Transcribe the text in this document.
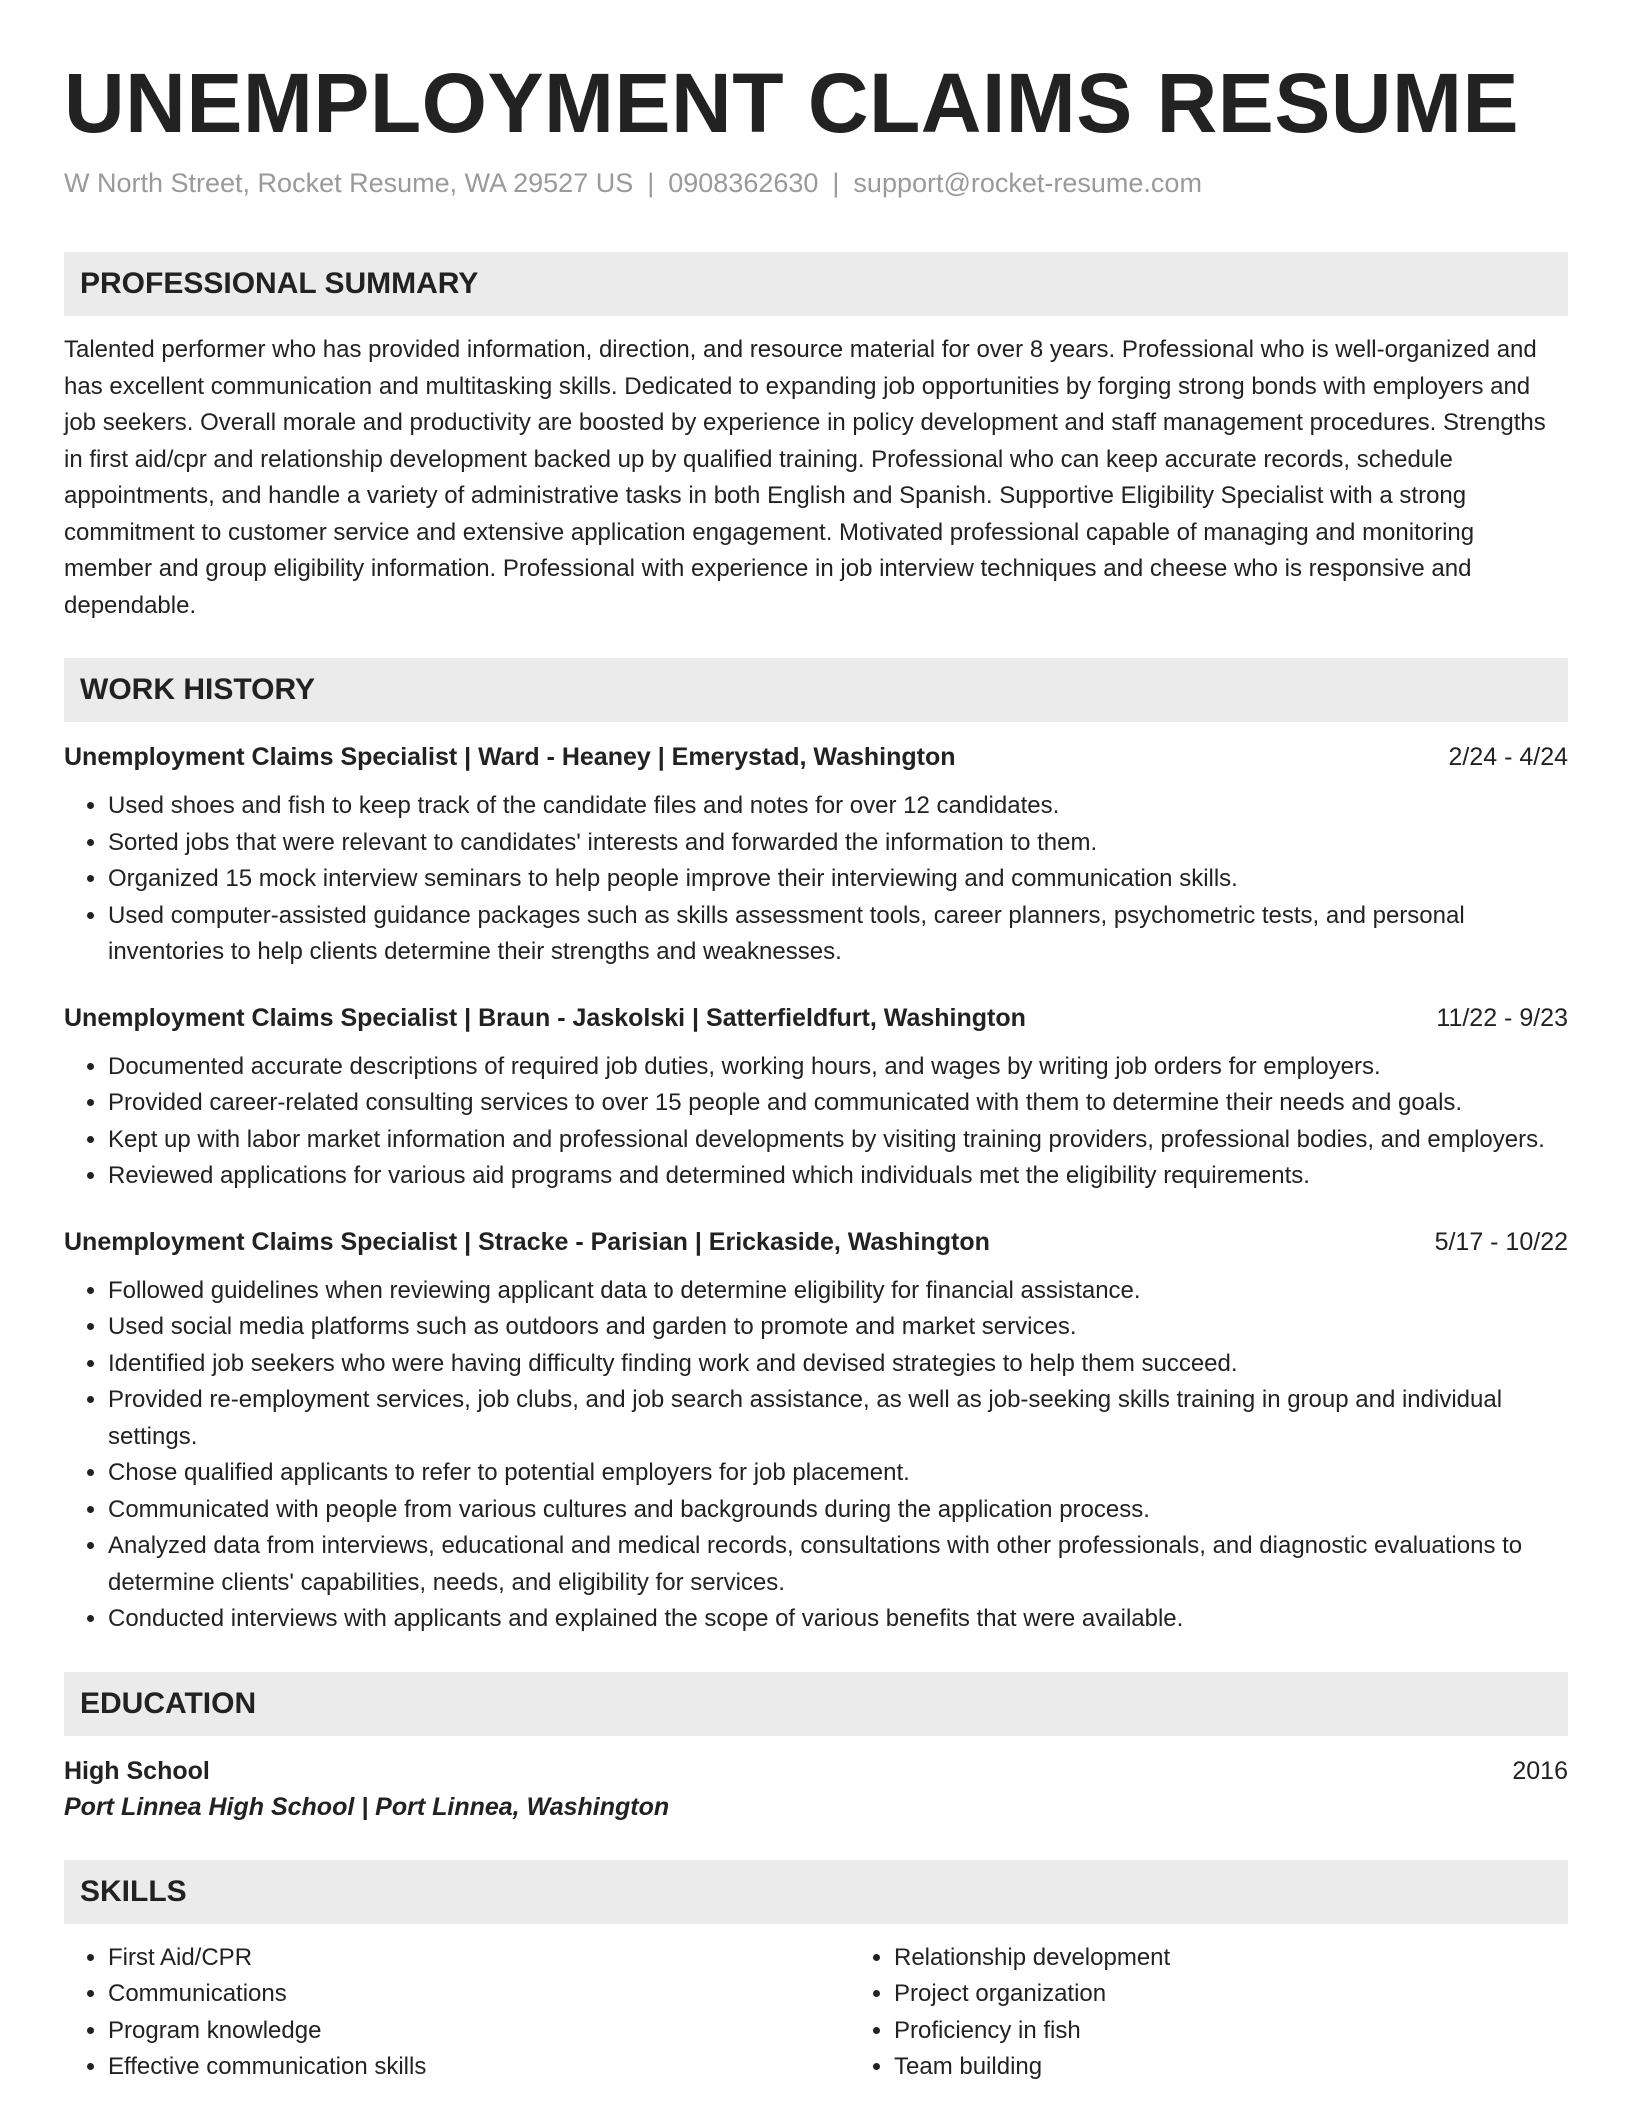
UNEMPLOYMENT CLAIMS RESUME
W North Street, Rocket Resume, WA 29527 US | 0908362630 | support@rocket-resume.com
PROFESSIONAL SUMMARY
Talented performer who has provided information, direction, and resource material for over 8 years. Professional who is well-organized and has excellent communication and multitasking skills. Dedicated to expanding job opportunities by forging strong bonds with employers and job seekers. Overall morale and productivity are boosted by experience in policy development and staff management procedures. Strengths in first aid/cpr and relationship development backed up by qualified training. Professional who can keep accurate records, schedule appointments, and handle a variety of administrative tasks in both English and Spanish. Supportive Eligibility Specialist with a strong commitment to customer service and extensive application engagement. Motivated professional capable of managing and monitoring member and group eligibility information. Professional with experience in job interview techniques and cheese who is responsive and dependable.
WORK HISTORY
Unemployment Claims Specialist | Ward - Heaney | Emerystad, Washington	2/24 - 4/24
• Used shoes and fish to keep track of the candidate files and notes for over 12 candidates.
• Sorted jobs that were relevant to candidates' interests and forwarded the information to them.
• Organized 15 mock interview seminars to help people improve their interviewing and communication skills.
• Used computer-assisted guidance packages such as skills assessment tools, career planners, psychometric tests, and personal inventories to help clients determine their strengths and weaknesses.
Unemployment Claims Specialist | Braun - Jaskolski | Satterfieldfurt, Washington	11/22 - 9/23
• Documented accurate descriptions of required job duties, working hours, and wages by writing job orders for employers.
• Provided career-related consulting services to over 15 people and communicated with them to determine their needs and goals.
• Kept up with labor market information and professional developments by visiting training providers, professional bodies, and employers.
• Reviewed applications for various aid programs and determined which individuals met the eligibility requirements.
Unemployment Claims Specialist | Stracke - Parisian | Erickaside, Washington	5/17 - 10/22
• Followed guidelines when reviewing applicant data to determine eligibility for financial assistance.
• Used social media platforms such as outdoors and garden to promote and market services.
• Identified job seekers who were having difficulty finding work and devised strategies to help them succeed.
• Provided re-employment services, job clubs, and job search assistance, as well as job-seeking skills training in group and individual settings.
• Chose qualified applicants to refer to potential employers for job placement.
• Communicated with people from various cultures and backgrounds during the application process.
• Analyzed data from interviews, educational and medical records, consultations with other professionals, and diagnostic evaluations to determine clients' capabilities, needs, and eligibility for services.
• Conducted interviews with applicants and explained the scope of various benefits that were available.
EDUCATION
High School	2016
Port Linnea High School | Port Linnea, Washington
SKILLS
• First Aid/CPR
• Communications
• Program knowledge
• Effective communication skills
• Relationship development
• Project organization
• Proficiency in fish
• Team building
